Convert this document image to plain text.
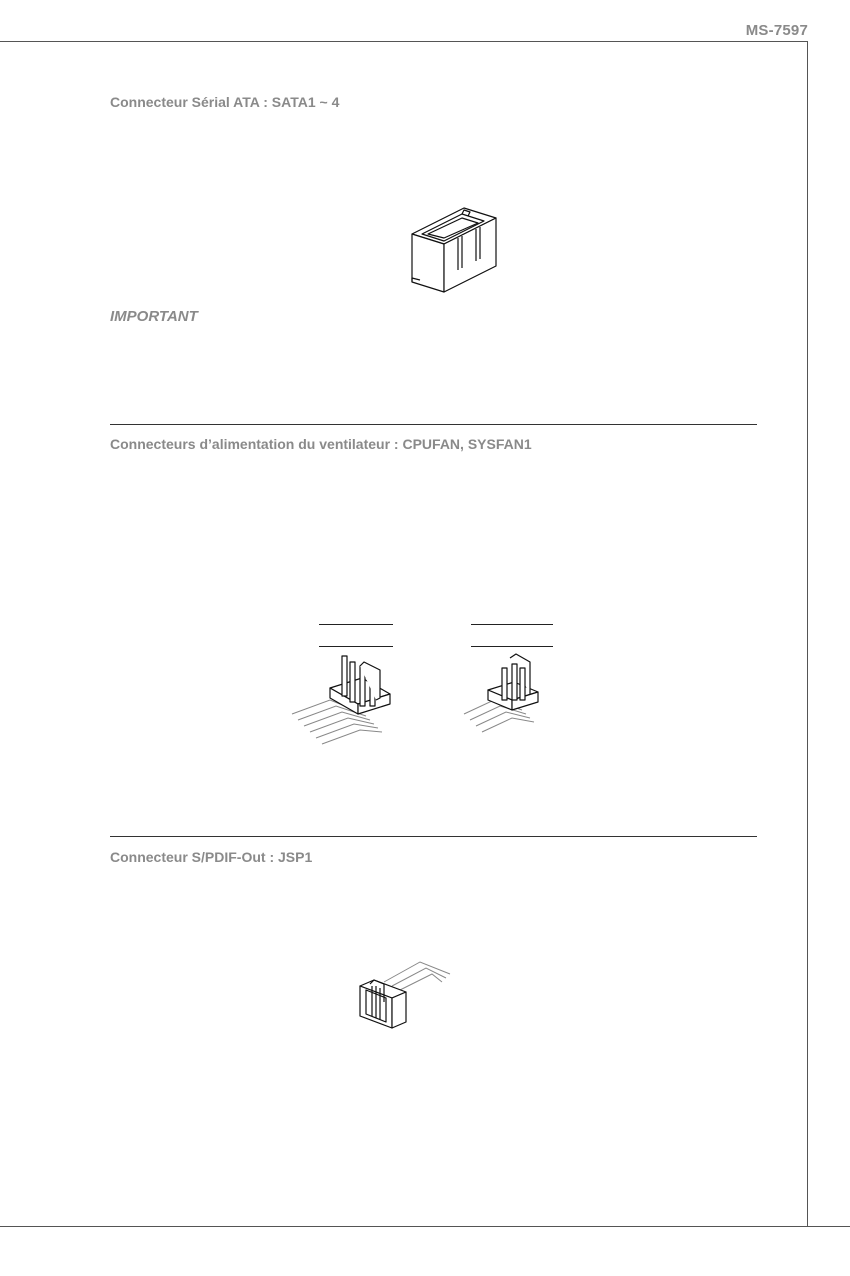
MS-7597
Connecteur Sérial ATA : SATA1 ~ 4
IMPORTANT
Connecteurs d’alimentation du ventilateur : CPUFAN, SYSFAN1
Connecteur S/PDIF-Out : JSP1
